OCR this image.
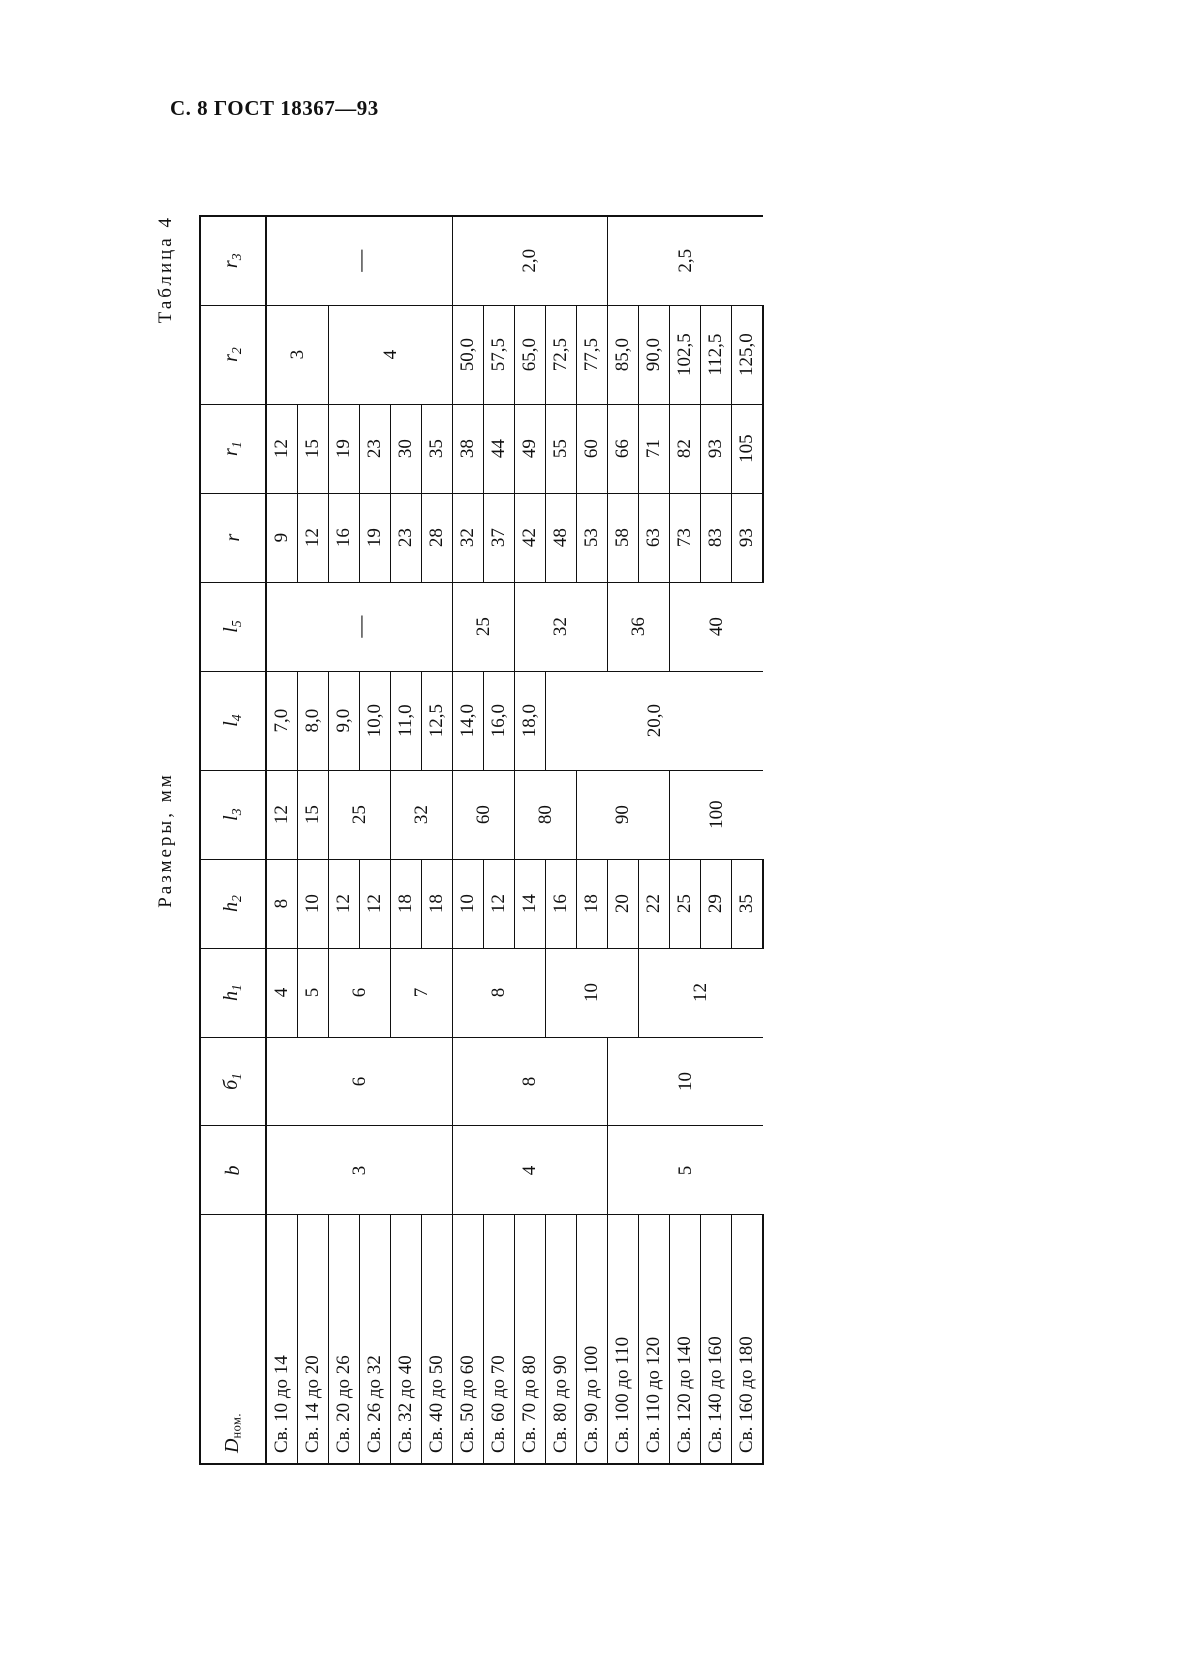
С. 8 ГОСТ 18367—93
Таблица 4
Размеры, мм
Dном.	b	$б_1$	$h_1$	$h_2$	$l_3$	$l_4$	$l_5$	r	$r_1$	$r_2$	$r_3$
Св. 10 до 14	3	6	4	8	12	7,0	—	9	12	3	—
Св. 14 до 20			5	10	15	8,0		12	15		
Св. 20 до 26			6	12	25	9,0		16	19	4	
Св. 26 до 32				12		10,0		19	23		
Св. 32 до 40			7	18	32	11,0		23	30		
Св. 40 до 50				18		12,5		28	35		
Св. 50 до 60	4	8	8	10	60	14,0	25	32	38	50,0	2,0
Св. 60 до 70				12		16,0		37	44	57,5	
Св. 70 до 80				14	80	18,0	32	42	49	65,0	
Св. 80 до 90			10	16		20,0		48	55	72,5	
Св. 90 до 100				18	90			53	60	77,5	
Св. 100 до 110	5	10		20			36	58	66	85,0	2,5
Св. 110 до 120			12	22				63	71	90,0	
Св. 120 до 140				25	100		40	73	82	102,5	
Св. 140 до 160				29				83	93	112,5	
Св. 160 до 180				35				93	105	125,0	
